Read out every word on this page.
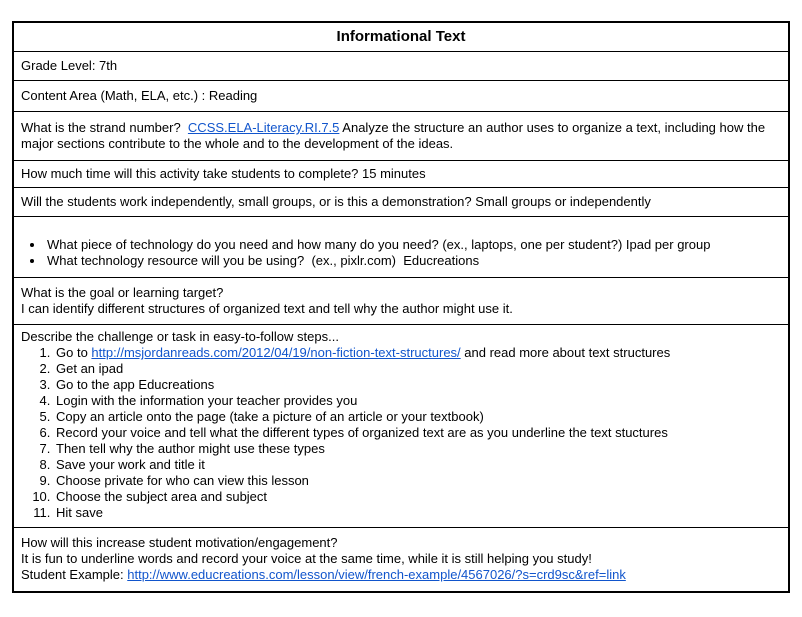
Informational Text
Grade Level: 7th
Content Area (Math, ELA, etc.) : Reading
What is the strand number?  CCSS.ELA-Literacy.RI.7.5 Analyze the structure an author uses to organize a text, including how the major sections contribute to the whole and to the development of the ideas.
How much time will this activity take students to complete? 15 minutes
Will the students work independently, small groups, or is this a demonstration? Small groups or independently
• What piece of technology do you need and how many do you need? (ex., laptops, one per student?) Ipad per group
• What technology resource will you be using?  (ex., pixlr.com)  Educreations
What is the goal or learning target?
I can identify different structures of organized text and tell why the author might use it.
Describe the challenge or task in easy-to-follow steps...
1. Go to http://msjordanreads.com/2012/04/19/non-fiction-text-structures/ and read more about text structures
2. Get an ipad
3. Go to the app Educreations
4. Login with the information your teacher provides you
5. Copy an article onto the page (take a picture of an article or your textbook)
6. Record your voice and tell what the different types of organized text are as you underline the text stuctures
7. Then tell why the author might use these types
8. Save your work and title it
9. Choose private for who can view this lesson
10. Choose the subject area and subject
11. Hit save
How will this increase student motivation/engagement?
It is fun to underline words and record your voice at the same time, while it is still helping you study!
Student Example: http://www.educreations.com/lesson/view/french-example/4567026/?s=crd9sc&ref=link
